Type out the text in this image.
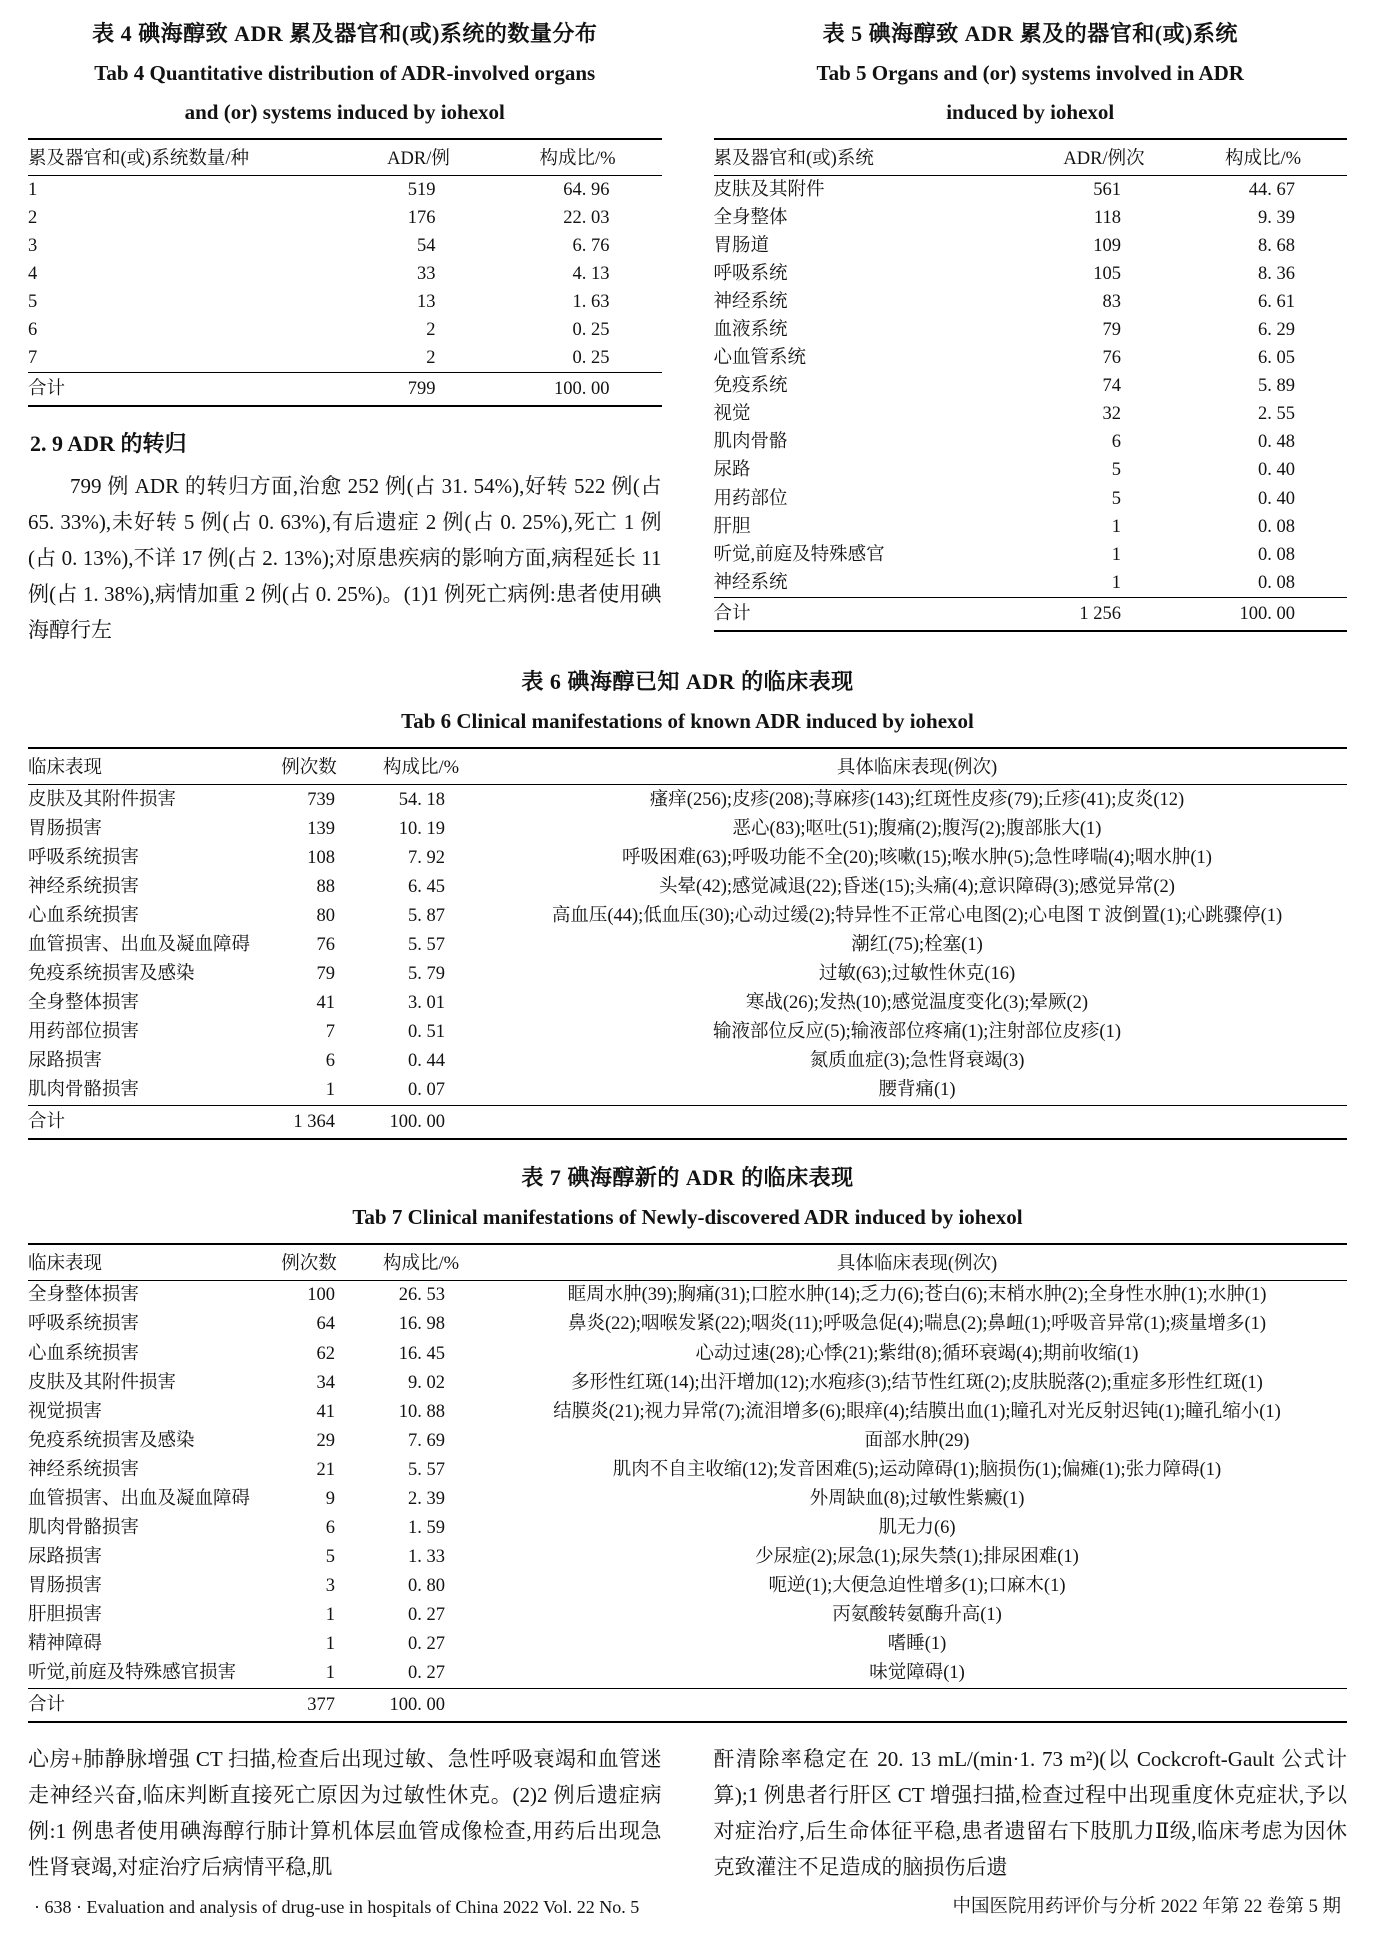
表 4 碘海醇致 ADR 累及器官和(或)系统的数量分布
Tab 4 Quantitative distribution of ADR-involved organs
and (or) systems induced by iohexol
累及器官和(或)系统数量/种	ADR/例	构成比/%
1	519	64. 96
2	176	22. 03
3	54	6. 76
4	33	4. 13
5	13	1. 63
6	2	0. 25
7	2	0. 25
合计	799	100. 00
2. 9 ADR 的转归

799 例 ADR 的转归方面,治愈 252 例(占 31. 54%),好转 522 例(占 65. 33%),未好转 5 例(占 0. 63%),有后遗症 2 例(占 0. 25%),死亡 1 例(占 0. 13%),不详 17 例(占 2. 13%);对原患疾病的影响方面,病程延长 11 例(占 1. 38%),病情加重 2 例(占 0. 25%)。(1)1 例死亡病例:患者使用碘海醇行左

表 5 碘海醇致 ADR 累及的器官和(或)系统
Tab 5 Organs and (or) systems involved in ADR
induced by iohexol
累及器官和(或)系统	ADR/例次	构成比/%
皮肤及其附件	561	44. 67
全身整体	118	9. 39
胃肠道	109	8. 68
呼吸系统	105	8. 36
神经系统	83	6. 61
血液系统	79	6. 29
心血管系统	76	6. 05
免疫系统	74	5. 89
视觉	32	2. 55
肌肉骨骼	6	0. 48
尿路	5	0. 40
用药部位	5	0. 40
肝胆	1	0. 08
听觉,前庭及特殊感官	1	0. 08
神经系统	1	0. 08
合计	1 256	100. 00
表 6 碘海醇已知 ADR 的临床表现
Tab 6 Clinical manifestations of known ADR induced by iohexol
临床表现	例次数	构成比/%	具体临床表现(例次)
皮肤及其附件损害	739	54. 18	瘙痒(256);皮疹(208);荨麻疹(143);红斑性皮疹(79);丘疹(41);皮炎(12)
胃肠损害	139	10. 19	恶心(83);呕吐(51);腹痛(2);腹泻(2);腹部胀大(1)
呼吸系统损害	108	7. 92	呼吸困难(63);呼吸功能不全(20);咳嗽(15);喉水肿(5);急性哮喘(4);咽水肿(1)
神经系统损害	88	6. 45	头晕(42);感觉减退(22);昏迷(15);头痛(4);意识障碍(3);感觉异常(2)
心血系统损害	80	5. 87	高血压(44);低血压(30);心动过缓(2);特异性不正常心电图(2);心电图 T 波倒置(1);心跳骤停(1)
血管损害、出血及凝血障碍	76	5. 57	潮红(75);栓塞(1)
免疫系统损害及感染	79	5. 79	过敏(63);过敏性休克(16)
全身整体损害	41	3. 01	寒战(26);发热(10);感觉温度变化(3);晕厥(2)
用药部位损害	7	0. 51	输液部位反应(5);输液部位疼痛(1);注射部位皮疹(1)
尿路损害	6	0. 44	氮质血症(3);急性肾衰竭(3)
肌肉骨骼损害	1	0. 07	腰背痛(1)
合计	1 364	100. 00	
表 7 碘海醇新的 ADR 的临床表现
Tab 7 Clinical manifestations of Newly-discovered ADR induced by iohexol
临床表现	例次数	构成比/%	具体临床表现(例次)
全身整体损害	100	26. 53	眶周水肿(39);胸痛(31);口腔水肿(14);乏力(6);苍白(6);末梢水肿(2);全身性水肿(1);水肿(1)
呼吸系统损害	64	16. 98	鼻炎(22);咽喉发紧(22);咽炎(11);呼吸急促(4);喘息(2);鼻衄(1);呼吸音异常(1);痰量增多(1)
心血系统损害	62	16. 45	心动过速(28);心悸(21);紫绀(8);循环衰竭(4);期前收缩(1)
皮肤及其附件损害	34	9. 02	多形性红斑(14);出汗增加(12);水疱疹(3);结节性红斑(2);皮肤脱落(2);重症多形性红斑(1)
视觉损害	41	10. 88	结膜炎(21);视力异常(7);流泪增多(6);眼痒(4);结膜出血(1);瞳孔对光反射迟钝(1);瞳孔缩小(1)
免疫系统损害及感染	29	7. 69	面部水肿(29)
神经系统损害	21	5. 57	肌肉不自主收缩(12);发音困难(5);运动障碍(1);脑损伤(1);偏瘫(1);张力障碍(1)
血管损害、出血及凝血障碍	9	2. 39	外周缺血(8);过敏性紫癜(1)
肌肉骨骼损害	6	1. 59	肌无力(6)
尿路损害	5	1. 33	少尿症(2);尿急(1);尿失禁(1);排尿困难(1)
胃肠损害	3	0. 80	呃逆(1);大便急迫性增多(1);口麻木(1)
肝胆损害	1	0. 27	丙氨酸转氨酶升高(1)
精神障碍	1	0. 27	嗜睡(1)
听觉,前庭及特殊感官损害	1	0. 27	味觉障碍(1)
合计	377	100. 00	

心房+肺静脉增强 CT 扫描,检查后出现过敏、急性呼吸衰竭和血管迷走神经兴奋,临床判断直接死亡原因为过敏性休克。(2)2 例后遗症病例:1 例患者使用碘海醇行肺计算机体层血管成像检查,用药后出现急性肾衰竭,对症治疗后病情平稳,肌

酐清除率稳定在 20. 13 mL/(min·1. 73 m²)(以 Cockcroft-Gault 公式计算);1 例患者行肝区 CT 增强扫描,检查过程中出现重度休克症状,予以对症治疗,后生命体征平稳,患者遗留右下肢肌力Ⅱ级,临床考虑为因休克致灌注不足造成的脑损伤后遗

· 638 · Evaluation and analysis of drug-use in hospitals of China 2022 Vol. 22 No. 5	中国医院用药评价与分析 2022 年第 22 卷第 5 期
